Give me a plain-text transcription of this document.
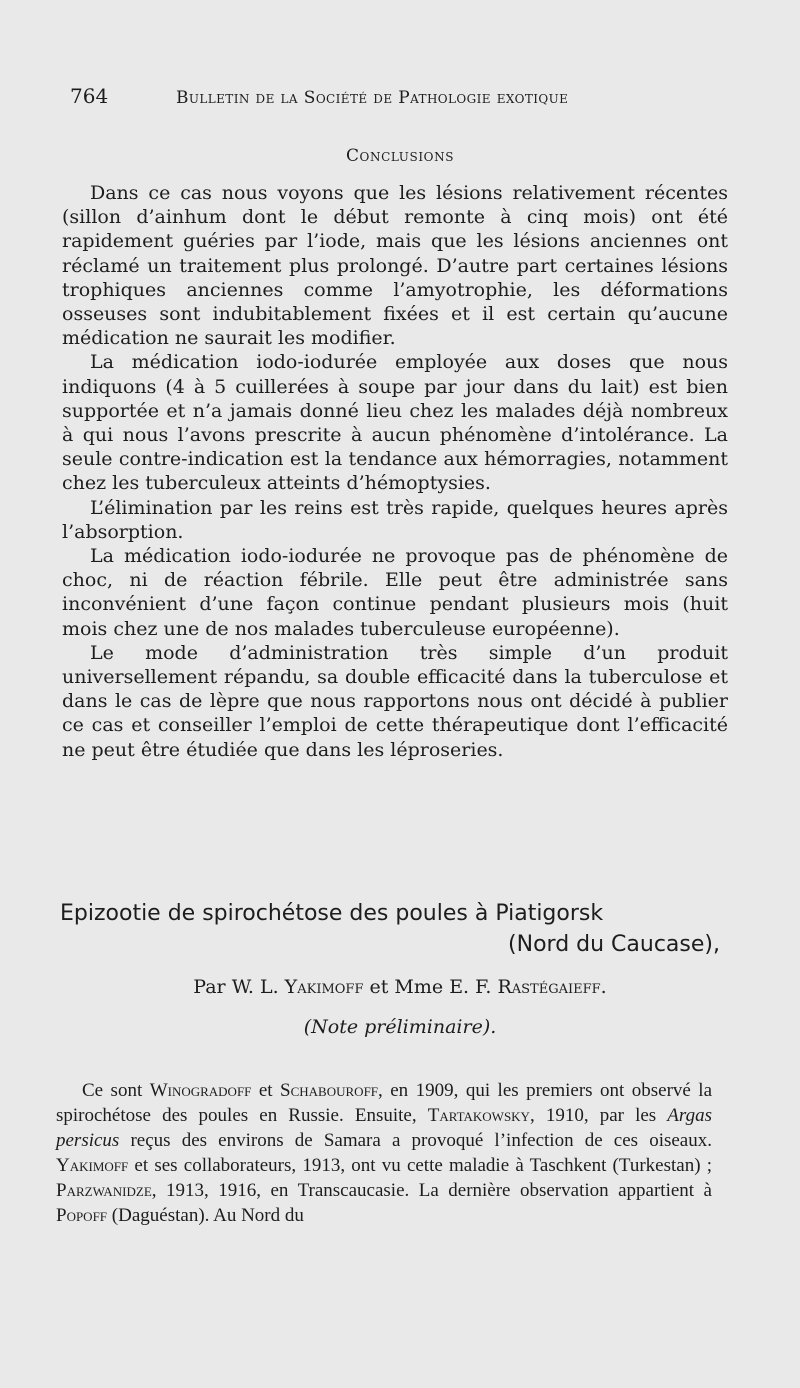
764	Bulletin de la Société de Pathologie exotique
Conclusions

Dans ce cas nous voyons que les lésions relativement récentes (sillon d’ainhum dont le début remonte à cinq mois) ont été rapidement guéries par l’iode, mais que les lésions anciennes ont réclamé un traitement plus prolongé. D’autre part certaines lésions trophiques anciennes comme l’amyotrophie, les déformations osseuses sont indubitablement fixées et il est certain qu’aucune médication ne saurait les modifier.

La médication iodo-iodurée employée aux doses que nous indiquons (4 à 5 cuillerées à soupe par jour dans du lait) est bien supportée et n’a jamais donné lieu chez les malades déjà nombreux à qui nous l’avons prescrite à aucun phénomène d’intolérance. La seule contre-indication est la tendance aux hémorragies, notamment chez les tuberculeux atteints d’hémoptysies.

L’élimination par les reins est très rapide, quelques heures après l’absorption.

La médication iodo-iodurée ne provoque pas de phénomène de choc, ni de réaction fébrile. Elle peut être administrée sans inconvénient d’une façon continue pendant plusieurs mois (huit mois chez une de nos malades tuberculeuse européenne).

Le mode d’administration très simple d’un produit universellement répandu, sa double efficacité dans la tuberculose et dans le cas de lèpre que nous rapportons nous ont décidé à publier ce cas et conseiller l’emploi de cette thérapeutique dont l’efficacité ne peut être étudiée que dans les léproseries.

Epizootie de spirochétose des poules à Piatigorsk
(Nord du Caucase),
Par W. L. Yakimoff et Mme E. F. Rastégaieff.
(Note préliminaire).

Ce sont Winogradoff et Schabouroff, en 1909, qui les premiers ont observé la spirochétose des poules en Russie. Ensuite, Tartakowsky, 1910, par les Argas persicus reçus des environs de Samara a provoqué l’infection de ces oiseaux. Yakimoff et ses collaborateurs, 1913, ont vu cette maladie à Taschkent (Turkestan) ; Parzwanidze, 1913, 1916, en Transcaucasie. La dernière observation appartient à Popoff (Daguéstan). Au Nord du
